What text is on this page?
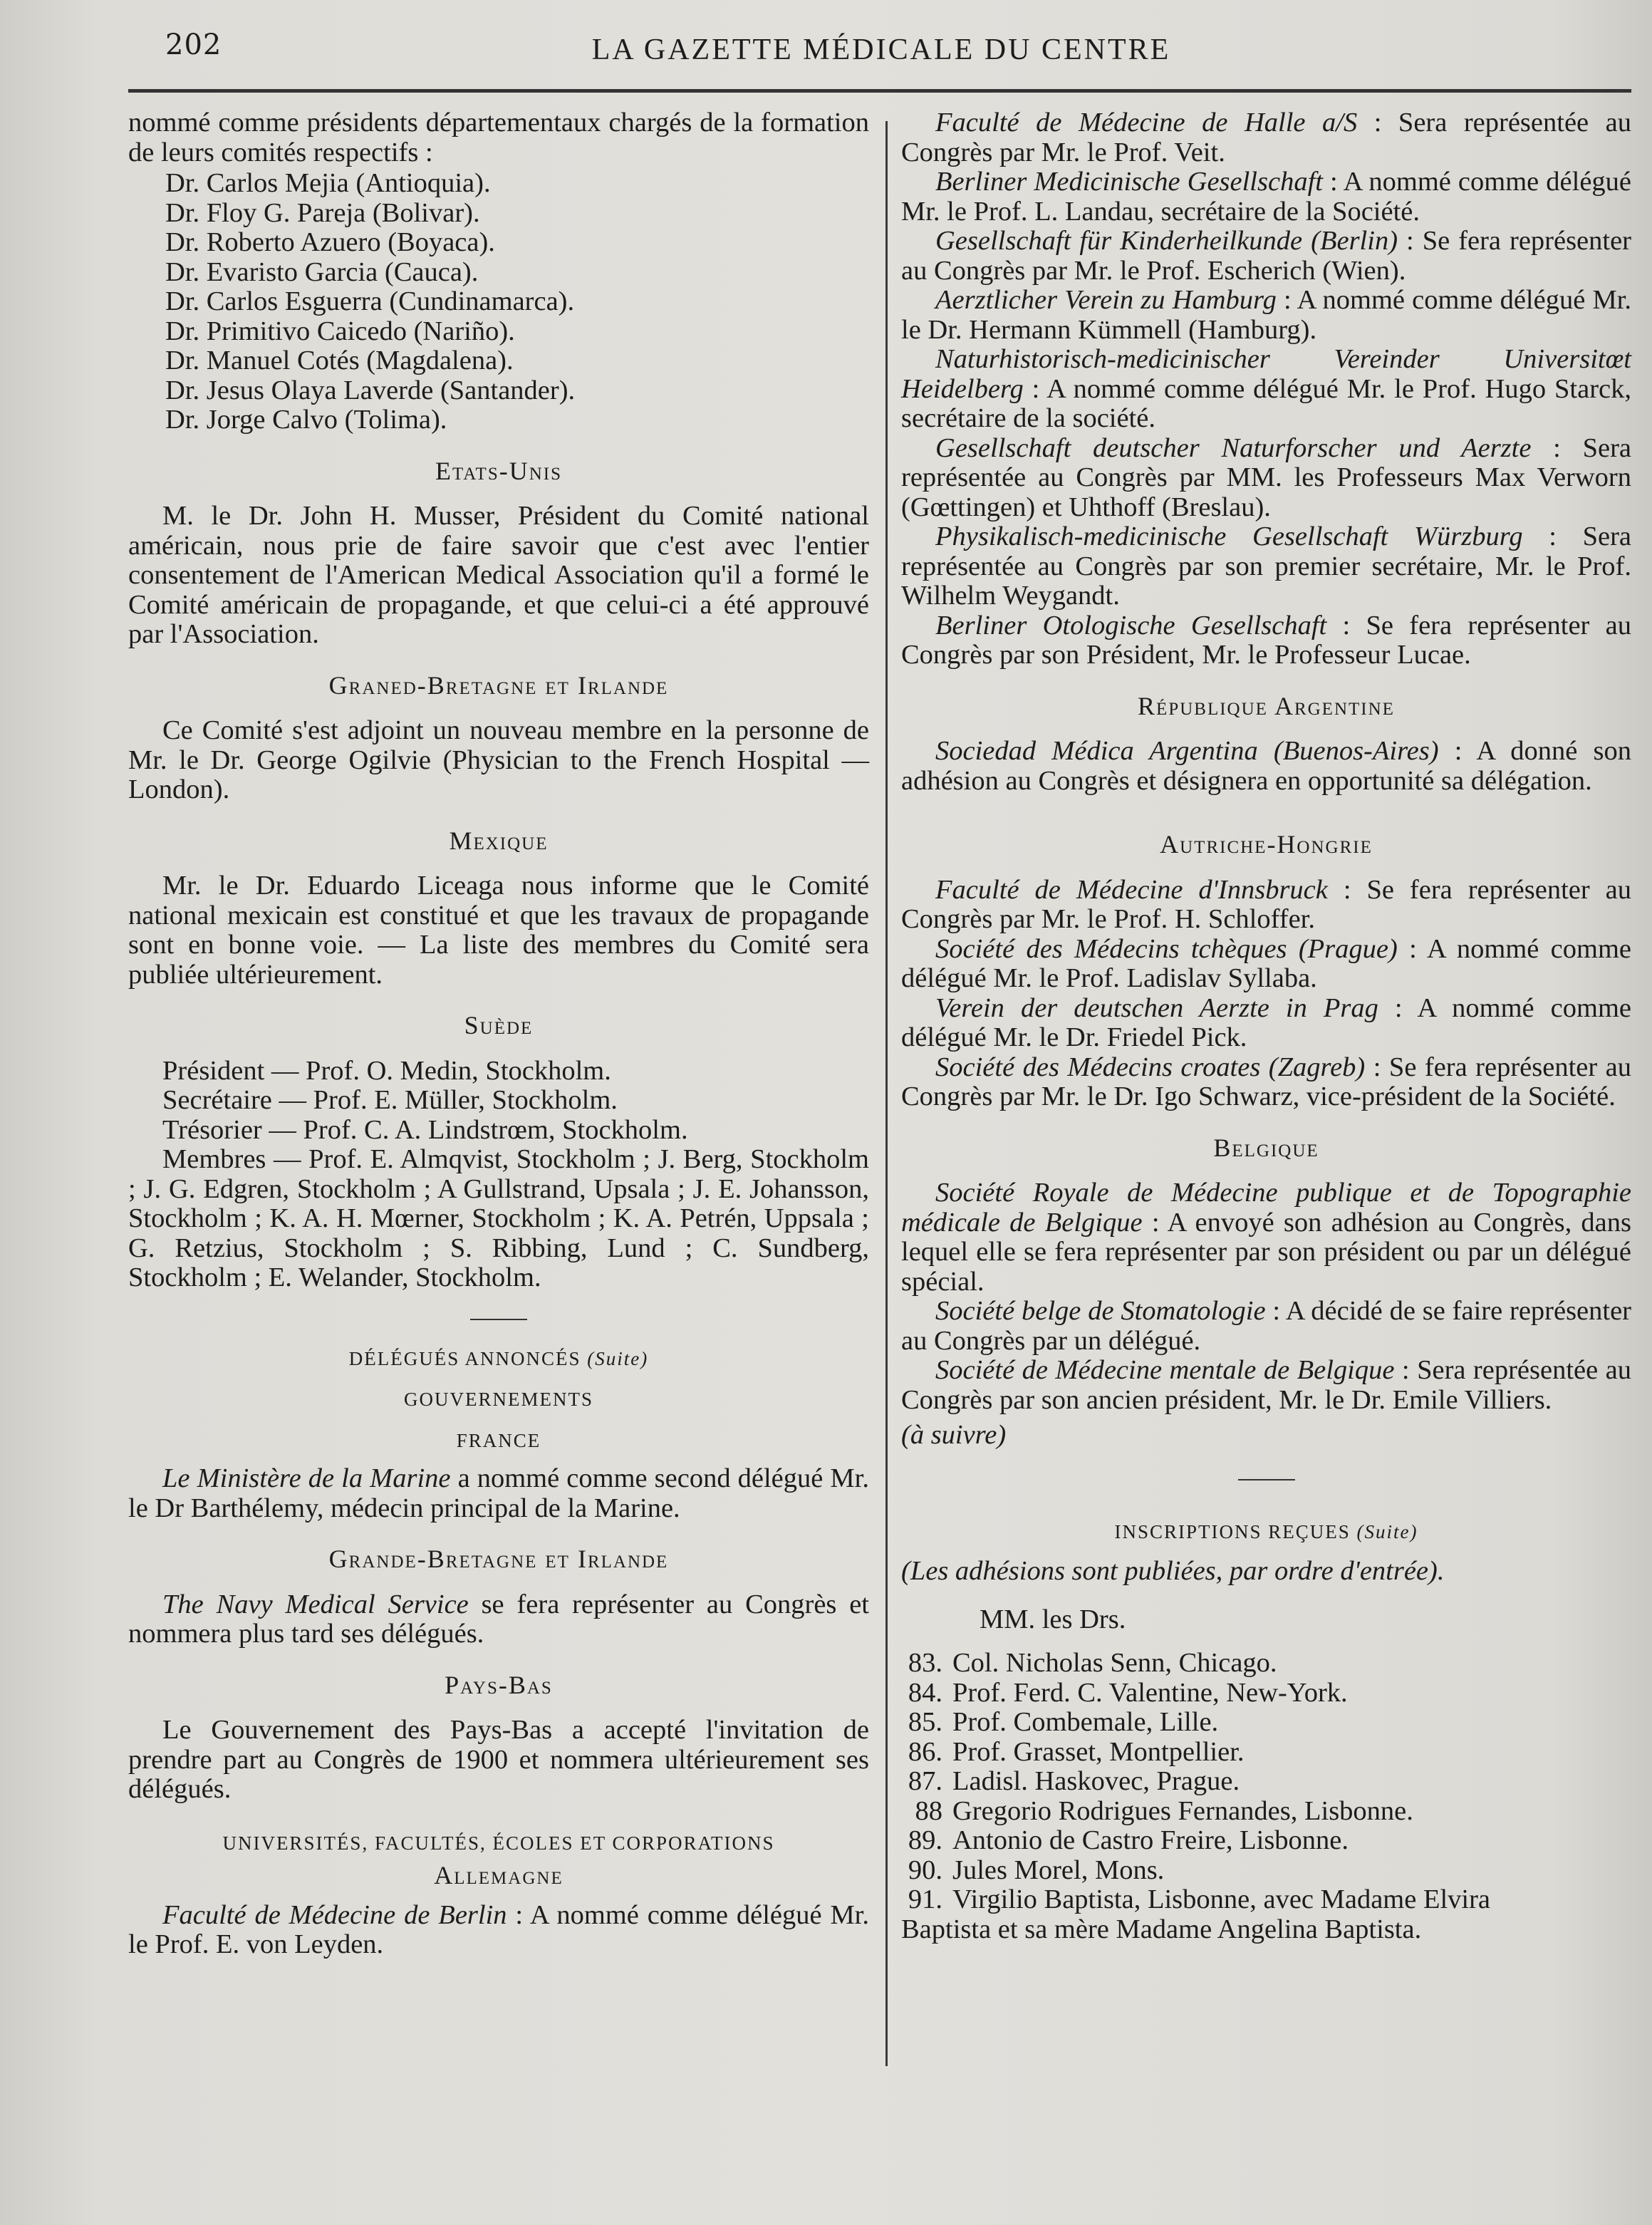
202	LA GAZETTE MÉDICALE DU CENTRE

nommé comme présidents départementaux chargés de la formation de leurs comités respectifs :

Dr. Carlos Mejia (Antioquia).
Dr. Floy G. Pareja (Bolivar).
Dr. Roberto Azuero (Boyaca).
Dr. Evaristo Garcia (Cauca).
Dr. Carlos Esguerra (Cundinamarca).
Dr. Primitivo Caicedo (Nariño).
Dr. Manuel Cotés (Magdalena).
Dr. Jesus Olaya Laverde (Santander).
Dr. Jorge Calvo (Tolima).
Etats-Unis

M. le Dr. John H. Musser, Président du Comité national américain, nous prie de faire savoir que c'est avec l'entier consentement de l'American Medical Association qu'il a formé le Comité américain de propagande, et que celui-ci a été approuvé par l'Association.

Graned-Bretagne et Irlande

Ce Comité s'est adjoint un nouveau membre en la personne de Mr. le Dr. George Ogilvie (Physician to the French Hospital — London).

Mexique

Mr. le Dr. Eduardo Liceaga nous informe que le Comité national mexicain est constitué et que les travaux de propagande sont en bonne voie. — La liste des membres du Comité sera publiée ultérieurement.

Suède

Président — Prof. O. Medin, Stockholm.

Secrétaire — Prof. E. Müller, Stockholm.

Trésorier — Prof. C. A. Lindstrœm, Stockholm.

Membres — Prof. E. Almqvist, Stockholm ; J. Berg, Stockholm ; J. G. Edgren, Stockholm ; A Gullstrand, Upsala ; J. E. Johansson, Stockholm ; K. A. H. Mœrner, Stockholm ; K. A. Petrén, Uppsala ; G. Retzius, Stockholm ; S. Ribbing, Lund ; C. Sundberg, Stockholm ; E. Welander, Stockholm.

DÉLÉGUÉS ANNONCÉS (Suite)
GOUVERNEMENTS
FRANCE

Le Ministère de la Marine a nommé comme second délégué Mr. le Dr Barthélemy, médecin principal de la Marine.

Grande-Bretagne et Irlande

The Navy Medical Service se fera représenter au Congrès et nommera plus tard ses délégués.

Pays-Bas

Le Gouvernement des Pays-Bas a accepté l'invitation de prendre part au Congrès de 1900 et nommera ultérieurement ses délégués.

UNIVERSITÉS, FACULTÉS, ÉCOLES ET CORPORATIONS
Allemagne

Faculté de Médecine de Berlin : A nommé comme délégué Mr. le Prof. E. von Leyden.

Faculté de Médecine de Halle a/S : Sera représentée au Congrès par Mr. le Prof. Veit.

Berliner Medicinische Gesellschaft : A nommé comme délégué Mr. le Prof. L. Landau, secrétaire de la Société.

Gesellschaft für Kinderheilkunde (Berlin) : Se fera représenter au Congrès par Mr. le Prof. Escherich (Wien).

Aerztlicher Verein zu Hamburg : A nommé comme délégué Mr. le Dr. Hermann Kümmell (Hamburg).

Naturhistorisch-medicinischer Vereinder Universitœt Heidelberg : A nommé comme délégué Mr. le Prof. Hugo Starck, secrétaire de la société.

Gesellschaft deutscher Naturforscher und Aerzte : Sera représentée au Congrès par MM. les Professeurs Max Verworn (Gœttingen) et Uhthoff (Breslau).

Physikalisch-medicinische Gesellschaft Würzburg : Sera représentée au Congrès par son premier secrétaire, Mr. le Prof. Wilhelm Weygandt.

Berliner Otologische Gesellschaft : Se fera représenter au Congrès par son Président, Mr. le Professeur Lucae.

République Argentine

Sociedad Médica Argentina (Buenos-Aires) : A donné son adhésion au Congrès et désignera en opportunité sa délégation.

Autriche-Hongrie

Faculté de Médecine d'Innsbruck : Se fera représenter au Congrès par Mr. le Prof. H. Schloffer.

Société des Médecins tchèques (Prague) : A nommé comme délégué Mr. le Prof. Ladislav Syllaba.

Verein der deutschen Aerzte in Prag : A nommé comme délégué Mr. le Dr. Friedel Pick.

Société des Médecins croates (Zagreb) : Se fera représenter au Congrès par Mr. le Dr. Igo Schwarz, vice-président de la Société.

Belgique

Société Royale de Médecine publique et de Topographie médicale de Belgique : A envoyé son adhésion au Congrès, dans lequel elle se fera représenter par son président ou par un délégué spécial.

Société belge de Stomatologie : A décidé de se faire représenter au Congrès par un délégué.

Société de Médecine mentale de Belgique : Sera représentée au Congrès par son ancien président, Mr. le Dr. Emile Villiers.

(à suivre)

INSCRIPTIONS REÇUES (Suite)

(Les adhésions sont publiées, par ordre d'entrée).

MM. les Drs.

83. Col. Nicholas Senn, Chicago.
84. Prof. Ferd. C. Valentine, New-York.
85. Prof. Combemale, Lille.
86. Prof. Grasset, Montpellier.
87. Ladisl. Haskovec, Prague.
88 Gregorio Rodrigues Fernandes, Lisbonne.
89. Antonio de Castro Freire, Lisbonne.
90. Jules Morel, Mons.
91. Virgilio Baptista, Lisbonne, avec Madame Elvira
Baptista et sa mère Madame Angelina Baptista.
